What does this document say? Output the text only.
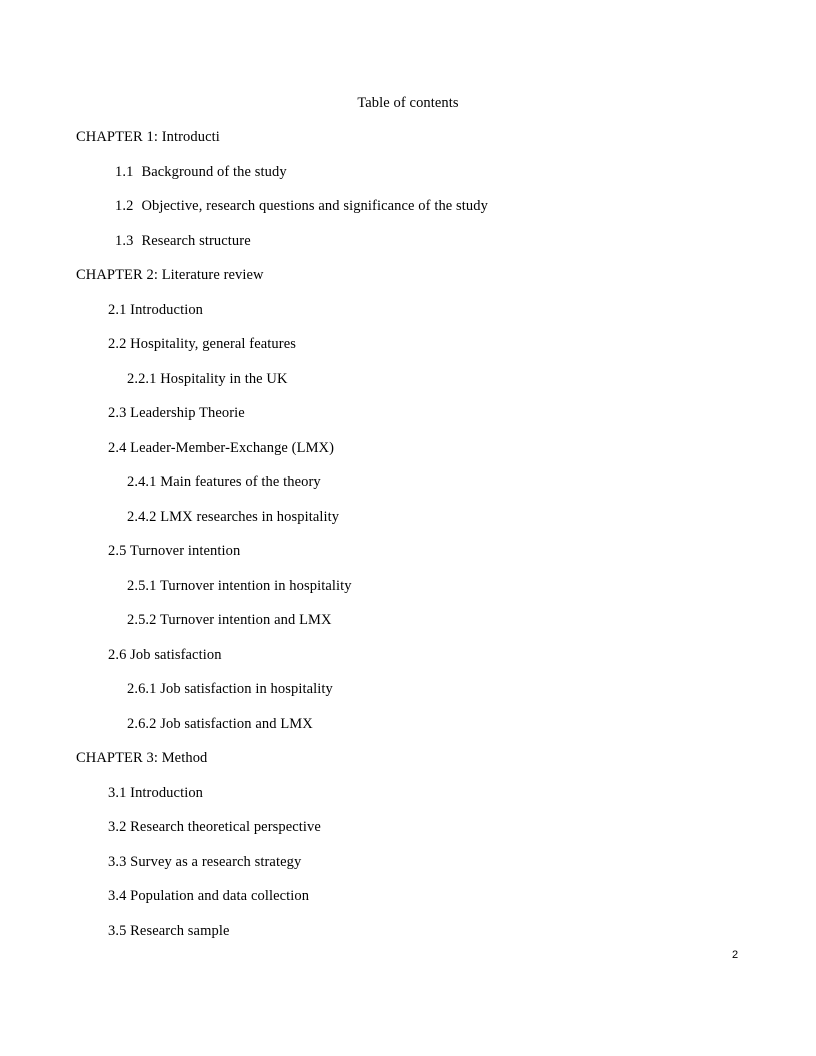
Table of contents
CHAPTER 1: Introducti
1.1 Background of the study
1.2 Objective, research questions and significance of the study
1.3 Research structure
CHAPTER 2: Literature review
2.1 Introduction
2.2 Hospitality, general features
2.2.1 Hospitality in the UK
2.3 Leadership Theorie
2.4 Leader-Member-Exchange (LMX)
2.4.1 Main features of the theory
2.4.2 LMX researches in hospitality
2.5 Turnover intention
2.5.1 Turnover intention in hospitality
2.5.2 Turnover intention and LMX
2.6 Job satisfaction
2.6.1 Job satisfaction in hospitality
2.6.2 Job satisfaction and LMX
CHAPTER 3: Method
3.1 Introduction
3.2 Research theoretical perspective
3.3 Survey as a research strategy
3.4 Population and data collection
3.5 Research sample
2
